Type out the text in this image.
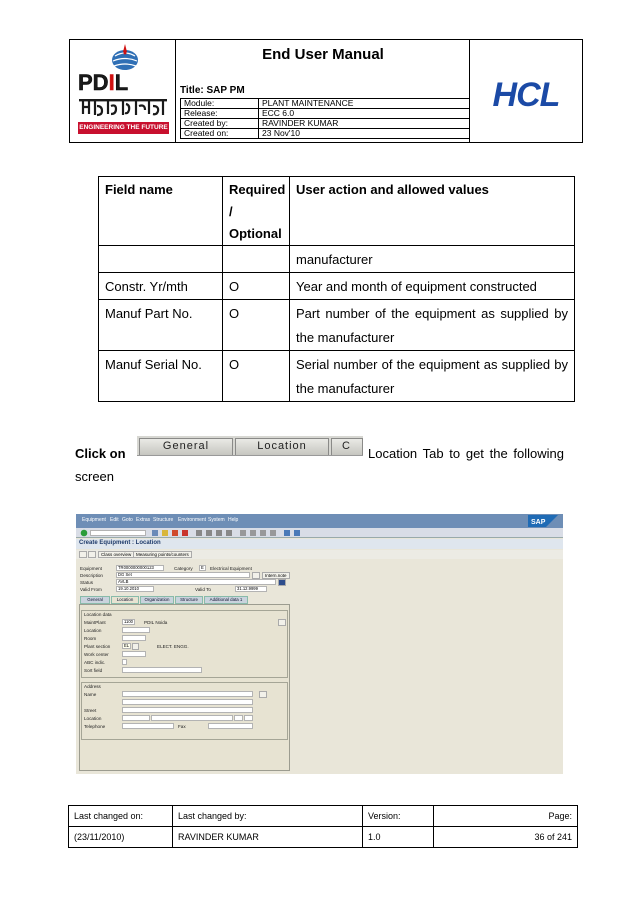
PDIL
ENGINEERING THE FUTURE
End User Manual
Title: SAP PM
Module:	PLANT MAINTENANCE
Release:	ECC 6.0
Created by:	RAVINDER KUMAR
Created on:	23 Nov'10
HCL
Field name	Required
/
Optional	User action and allowed values
		manufacturer
Constr. Yr/mth	O	Year and month of equipment constructed
Manuf Part No.	O	Part number of the equipment as supplied by
the manufacturer

Manuf Serial No.	O	Serial number of the equipment as supplied by
the manufacturer
Click on	General	Location	C	Location Tab to get the following
screen
Equipment Edit Goto Extras Structure Environment System Help	SAP
Create Equipment : Location
Class overview	Measuring points/counters
Equipment	TR0000000000123	Category	E	Electrical Equipment
Description	DG Set	Intern.note
Status	AVLB
Valid From	19.10.2010	Valid To	31.12.9999
General	Location	Organization	Structure	Additional data 1
Location data
MaintPlant	1100	PDIL Noida
Location
Room
Plant section	EL	ELECT. ENGG.
Work center
ABC indic.
Sort field
Address
Name
Street
Location
Telephone	Fax
Last changed on:	Last changed by:	Version:	Page:
(23/11/2010)	RAVINDER KUMAR	1.0	36 of 241
